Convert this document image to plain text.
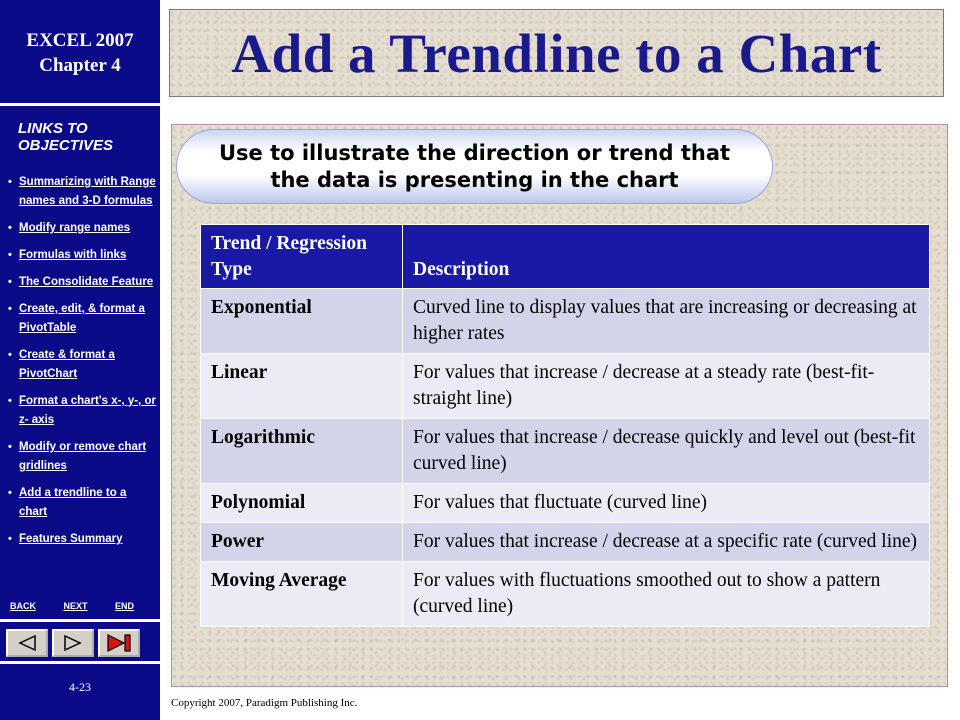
EXCEL 2007
Chapter 4
LINKS TO
OBJECTIVES
• Summarizing with Range names and 3-D formulas
• Modify range names
• Formulas with links
• The Consolidate Feature
• Create, edit, & format a PivotTable
• Create & format a PivotChart
• Format a chart's x-, y-, or z- axis
• Modify or remove chart gridlines
• Add a trendline to a chart
• Features Summary
BACK	NEXT	END
4-23
Add a Trendline to a Chart
Use to illustrate the direction or trend that the data is presenting in the chart
Trend / Regression Type	Description
Exponential	Curved line to display values that are increasing or decreasing at higher rates
Linear	For values that increase / decrease at a steady rate (best-fit-straight line)
Logarithmic	For values that increase / decrease quickly and level out (best-fit curved line)
Polynomial	For values that fluctuate (curved line)
Power	For values that increase / decrease at a specific rate (curved line)
Moving Average	For values with fluctuations smoothed out to show a pattern (curved line)
Copyright 2007, Paradigm Publishing Inc.
